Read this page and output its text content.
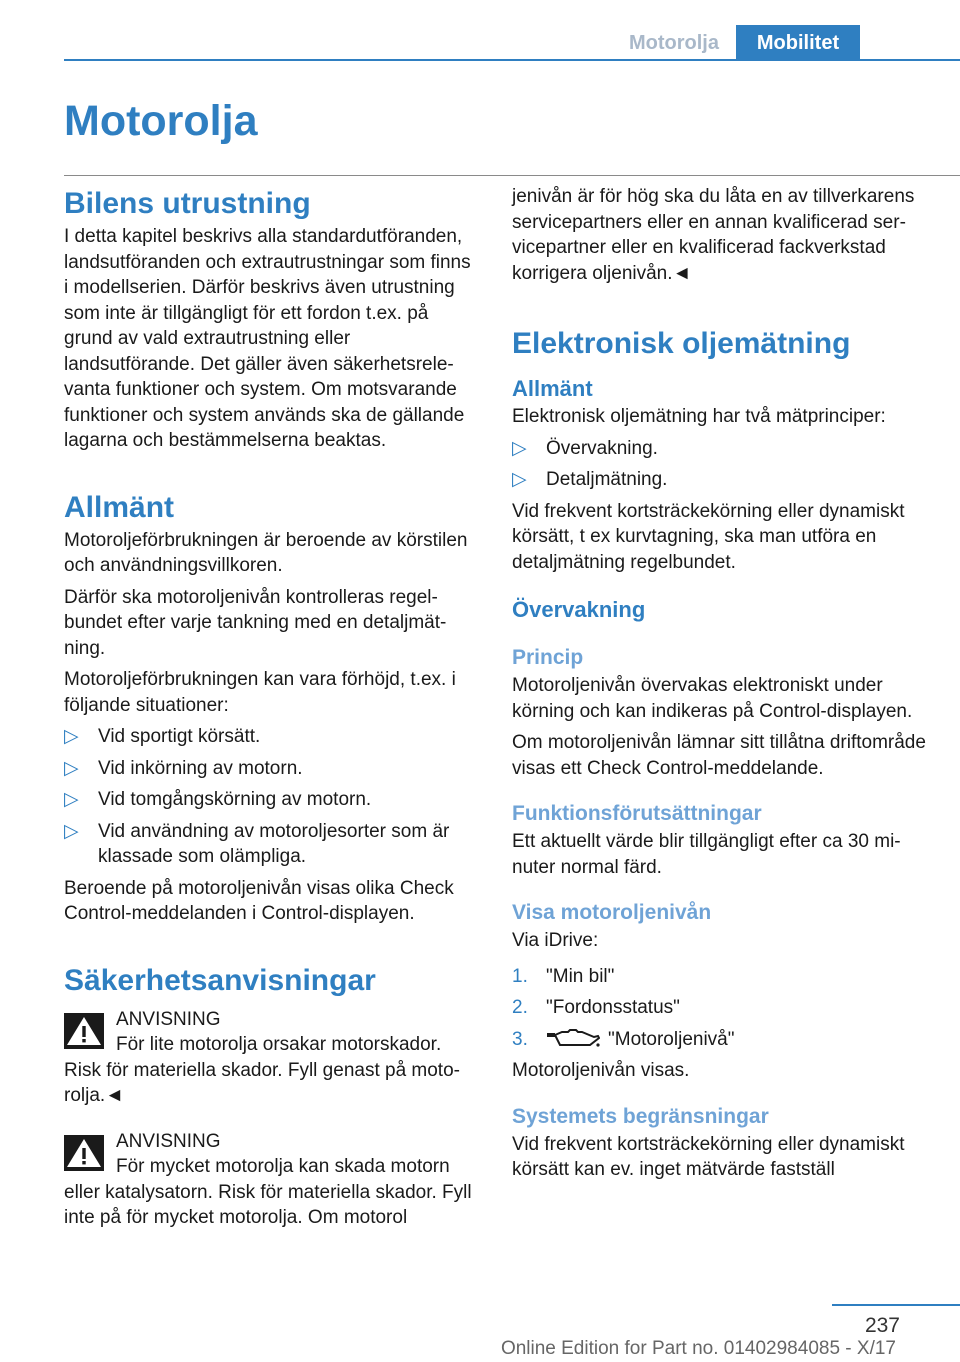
Motorolja	Mobilitet
Motorolja
Bilens utrustning

I detta kapitel beskrivs alla standardutföranden, landsutföranden och extrautrustningar som finns i modellserien. Därför beskrivs även utrustning som inte är tillgängligt för ett fordon t.ex. på grund av vald extrautrustning eller landsutförande. Det gäller även säkerhetsrelevanta funktioner och system. Om motsvarande funktioner och system används ska de gällande lagarna och bestämmelserna beaktas.

Allmänt

Motoroljeförbrukningen är beroende av körstilen och användningsvillkoren.

Därför ska motoroljenivån kontrolleras regelbundet efter varje tankning med en detaljmätning.

Motoroljeförbrukningen kan vara förhöjd, t.ex. i följande situationer:

▷ Vid sportigt körsätt.
▷ Vid inkörning av motorn.
▷ Vid tomgångskörning av motorn.
▷ Vid användning av motoroljesorter som är klassade som olämpliga.

Beroende på motoroljenivån visas olika Check Control-meddelanden i Control-displayen.

Säkerhetsanvisningar
ANVISNING

För lite motorolja orsakar motorskador. Risk för materiella skador. Fyll genast på motorolja.◄

ANVISNING

För mycket motorolja kan skada motorn eller katalysatorn. Risk för materiella skador. Fyll inte på för mycket motorolja. Om motorol

jenivån är för hög ska du låta en av tillverkarens servicepartners eller en annan kvalificerad servicepartner eller en kvalificerad fackverkstad korrigera oljenivån.◄

Elektronisk oljemätning
Allmänt

Elektronisk oljemätning har två mätprinciper:

▷ Övervakning.
▷ Detaljmätning.

Vid frekvent kortsträckekörning eller dynamiskt körsätt, t ex kurvtagning, ska man utföra en detaljmätning regelbundet.

Övervakning
Princip

Motoroljenivån övervakas elektroniskt under körning och kan indikeras på Control-displayen.

Om motoroljenivån lämnar sitt tillåtna driftområde visas ett Check Control-meddelande.

Funktionsförutsättningar

Ett aktuellt värde blir tillgängligt efter ca 30 minuter normal färd.

Visa motoroljenivån

Via iDrive:

1. "Min bil"
2. "Fordonsstatus"
3.	"Motoroljenivå"

Motoroljenivån visas.

Systemets begränsningar

Vid frekvent kortsträckekörning eller dynamiskt körsätt kan ev. inget mätvärde fastställ

237
Online Edition for Part no. 01402984085 - X/17
